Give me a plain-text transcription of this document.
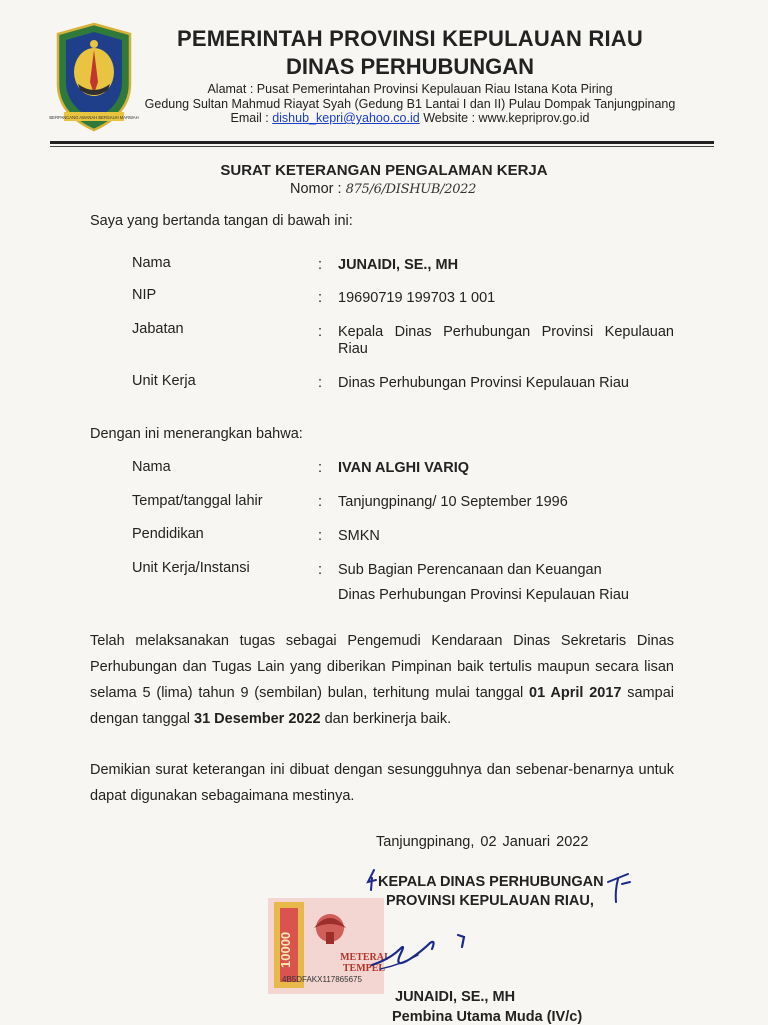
BERPANCANG AMANAH BERSAUH MARWAH
PEMERINTAH PROVINSI KEPULAUAN RIAU
DINAS PERHUBUNGAN
Alamat : Pusat Pemerintahan Provinsi Kepulauan Riau Istana Kota Piring
Gedung Sultan Mahmud Riayat Syah (Gedung B1 Lantai I dan II) Pulau Dompak Tanjungpinang
Email : dishub_kepri@yahoo.co.id Website : www.kepriprov.go.id
SURAT KETERANGAN PENGALAMAN KERJA
Nomor : 875/6/DISHUB/2022
Saya yang bertanda tangan di bawah ini:
Nama	: JUNAIDI, SE., MH
NIP	: 19690719 199703 1 001
Jabatan	: Kepala Dinas Perhubungan Provinsi Kepulauan
Riau
Unit Kerja	: Dinas Perhubungan Provinsi Kepulauan Riau
Dengan ini menerangkan bahwa:
Nama	: IVAN ALGHI VARIQ
Tempat/tanggal lahir	: Tanjungpinang/ 10 September 1996
Pendidikan	: SMKN
Unit Kerja/Instansi	: Sub Bagian Perencanaan dan Keuangan
Dinas Perhubungan Provinsi Kepulauan Riau
Telah melaksanakan tugas sebagai Pengemudi Kendaraan Dinas Sekretaris Dinas Perhubungan dan Tugas Lain yang diberikan Pimpinan baik tertulis maupun secara lisan selama 5 (lima) tahun 9 (sembilan) bulan, terhitung mulai tanggal 01 April 2017 sampai dengan tanggal 31 Desember 2022 dan berkinerja baik.
Demikian surat keterangan ini dibuat dengan sesungguhnya dan sebenar-benarnya untuk dapat digunakan sebagaimana mestinya.
Tanjungpinang, 02 Januari 2022
KEPALA DINAS PERHUBUNGAN
PROVINSI KEPULAUAN RIAU,
10000	METERAI
TEMPEL
4B5DFAKX117865675
JUNAIDI, SE., MH
Pembina Utama Muda (IV/c)
